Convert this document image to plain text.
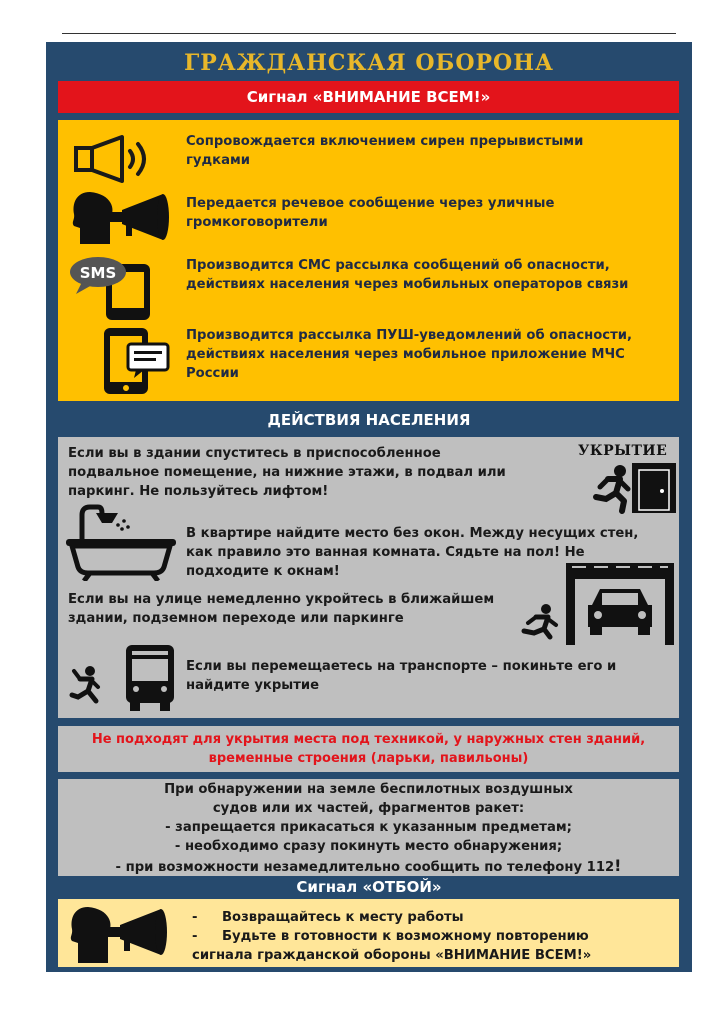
ГРАЖДАНСКАЯ ОБОРОНА
Сигнал «ВНИМАНИЕ ВСЕМ!»
Сопровождается включением сирен прерывистыми
гудками
Передается речевое сообщение через уличные
громкоговорители
SMS	Производится СМС рассылка сообщений об опасности,
действиях населения через мобильных операторов связи
Производится рассылка ПУШ-уведомлений об опасности,
действиях населения через мобильное приложение МЧС
России
ДЕЙСТВИЯ НАСЕЛЕНИЯ
Если вы в здании спуститесь в приспособленное
подвальное помещение, на нижние этажи, в подвал или
паркинг. Не пользуйтесь лифтом!
УКРЫТИЕ
В квартире найдите место без окон. Между несущих стен,
как правило это ванная комната. Сядьте на пол! Не
подходите к окнам!
Если вы на улице немедленно укройтесь в ближайшем
здании, подземном переходе или паркинге
Если вы перемещаетесь на транспорте – покиньте его и
найдите укрытие
Не подходят для укрытия места под техникой, у наружных стен зданий,
временные строения (ларьки, павильоны)
При обнаружении на земле беспилотных воздушных
судов или их частей, фрагментов ракет:
- запрещается прикасаться к указанным предметам;
- необходимо сразу покинуть место обнаружения;
- при возможности незамедлительно сообщить по телефону 112!
Сигнал «ОТБОЙ»
-	Возвращайтесь к месту работы
-	Будьте в готовности к возможному повторению
сигнала гражданской обороны «ВНИМАНИЕ ВСЕМ!»
